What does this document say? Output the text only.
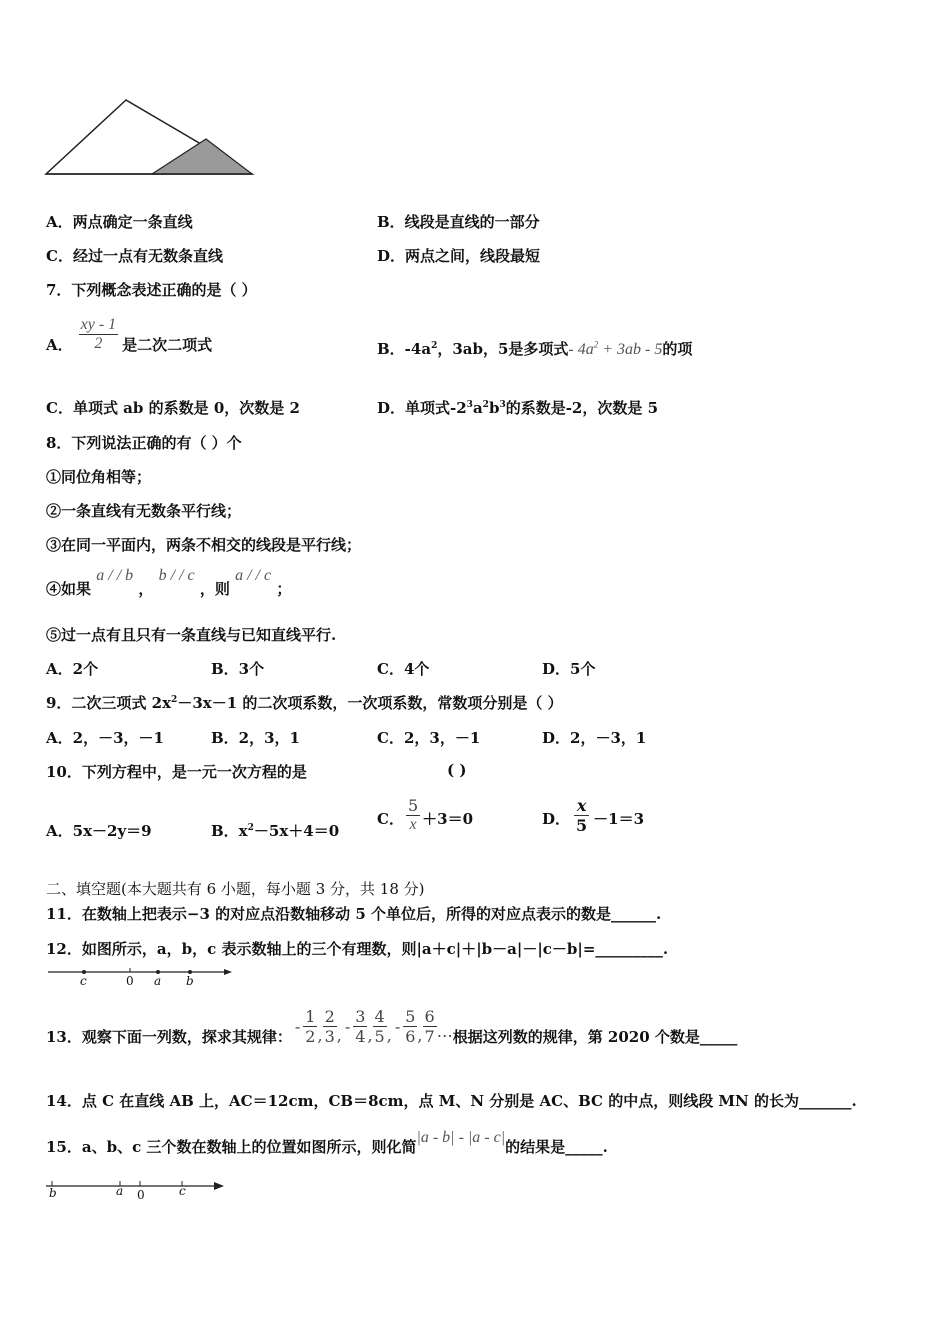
A．两点确定一条直线	B．线段是直线的一部分
C．经过一点有无数条直线	D．两点之间，线段最短
7．下列概念表述正确的是（ ）
A． $\frac{xy - 1}{2}$ 是二次二项式	B．$-4a^2$，3ab，5是多项式- $4a^2 + 3ab - 5$的项
C．单项式 ab 的系数是 0，次数是 2	D．单项式$-2^3a^2b^3$的系数是-2，次数是 5
8．下列说法正确的有（ ）个
①同位角相等；
②一条直线有无数条平行线；
③在同一平面内，两条不相交的线段是平行线；
④如果 a / / b ， b / / c ，则 a / / c ；
⑤过一点有且只有一条直线与已知直线平行.
A．2个	B．3个	C．4个	D．5个
9．二次三项式 $2x^2-3x-1$ 的二次项系数，一次项系数，常数项分别是（ ）
A．2，－3，－1	B．2，3，1	C．2，3，－1	D．2，－3，1
10．下列方程中，是一元一次方程的是	( )
A．5x－2y＝9	B．$x^2-5x+4=0$
C． $\frac{5}{x} +3=0$	D． $\frac{x}{5} -1=3$
二、填空题(本大题共有 6 小题，每小题 3 分，共 18 分)
11．在数轴上把表示−3 的对应点沿数轴移动 5 个单位后，所得的对应点表示的数是______.
12．如图所示，a，b，c 表示数轴上的三个有理数，则|a＋c|＋|b－a|－|c－b|=_________.
c	0 a b
13．观察下面一列数，探求其规律：
- $\frac{1}{2}$ , $\frac{2}{3}$ , - $\frac{3}{4}$ , $\frac{4}{5}$ , - $\frac{5}{6}$ , $\frac{6}{7}$ … 根据这列数的规律，第 2020 个数是_____
14．点 C 在直线 AB 上，AC＝12cm，CB＝8cm，点 M、N 分别是 AC、BC 的中点，则线段 MN 的长为_______.
15．a、b、c 三个数在数轴上的位置如图所示，则化简|a - b| - |a - c|的结果是_____.
b	a 0	c
